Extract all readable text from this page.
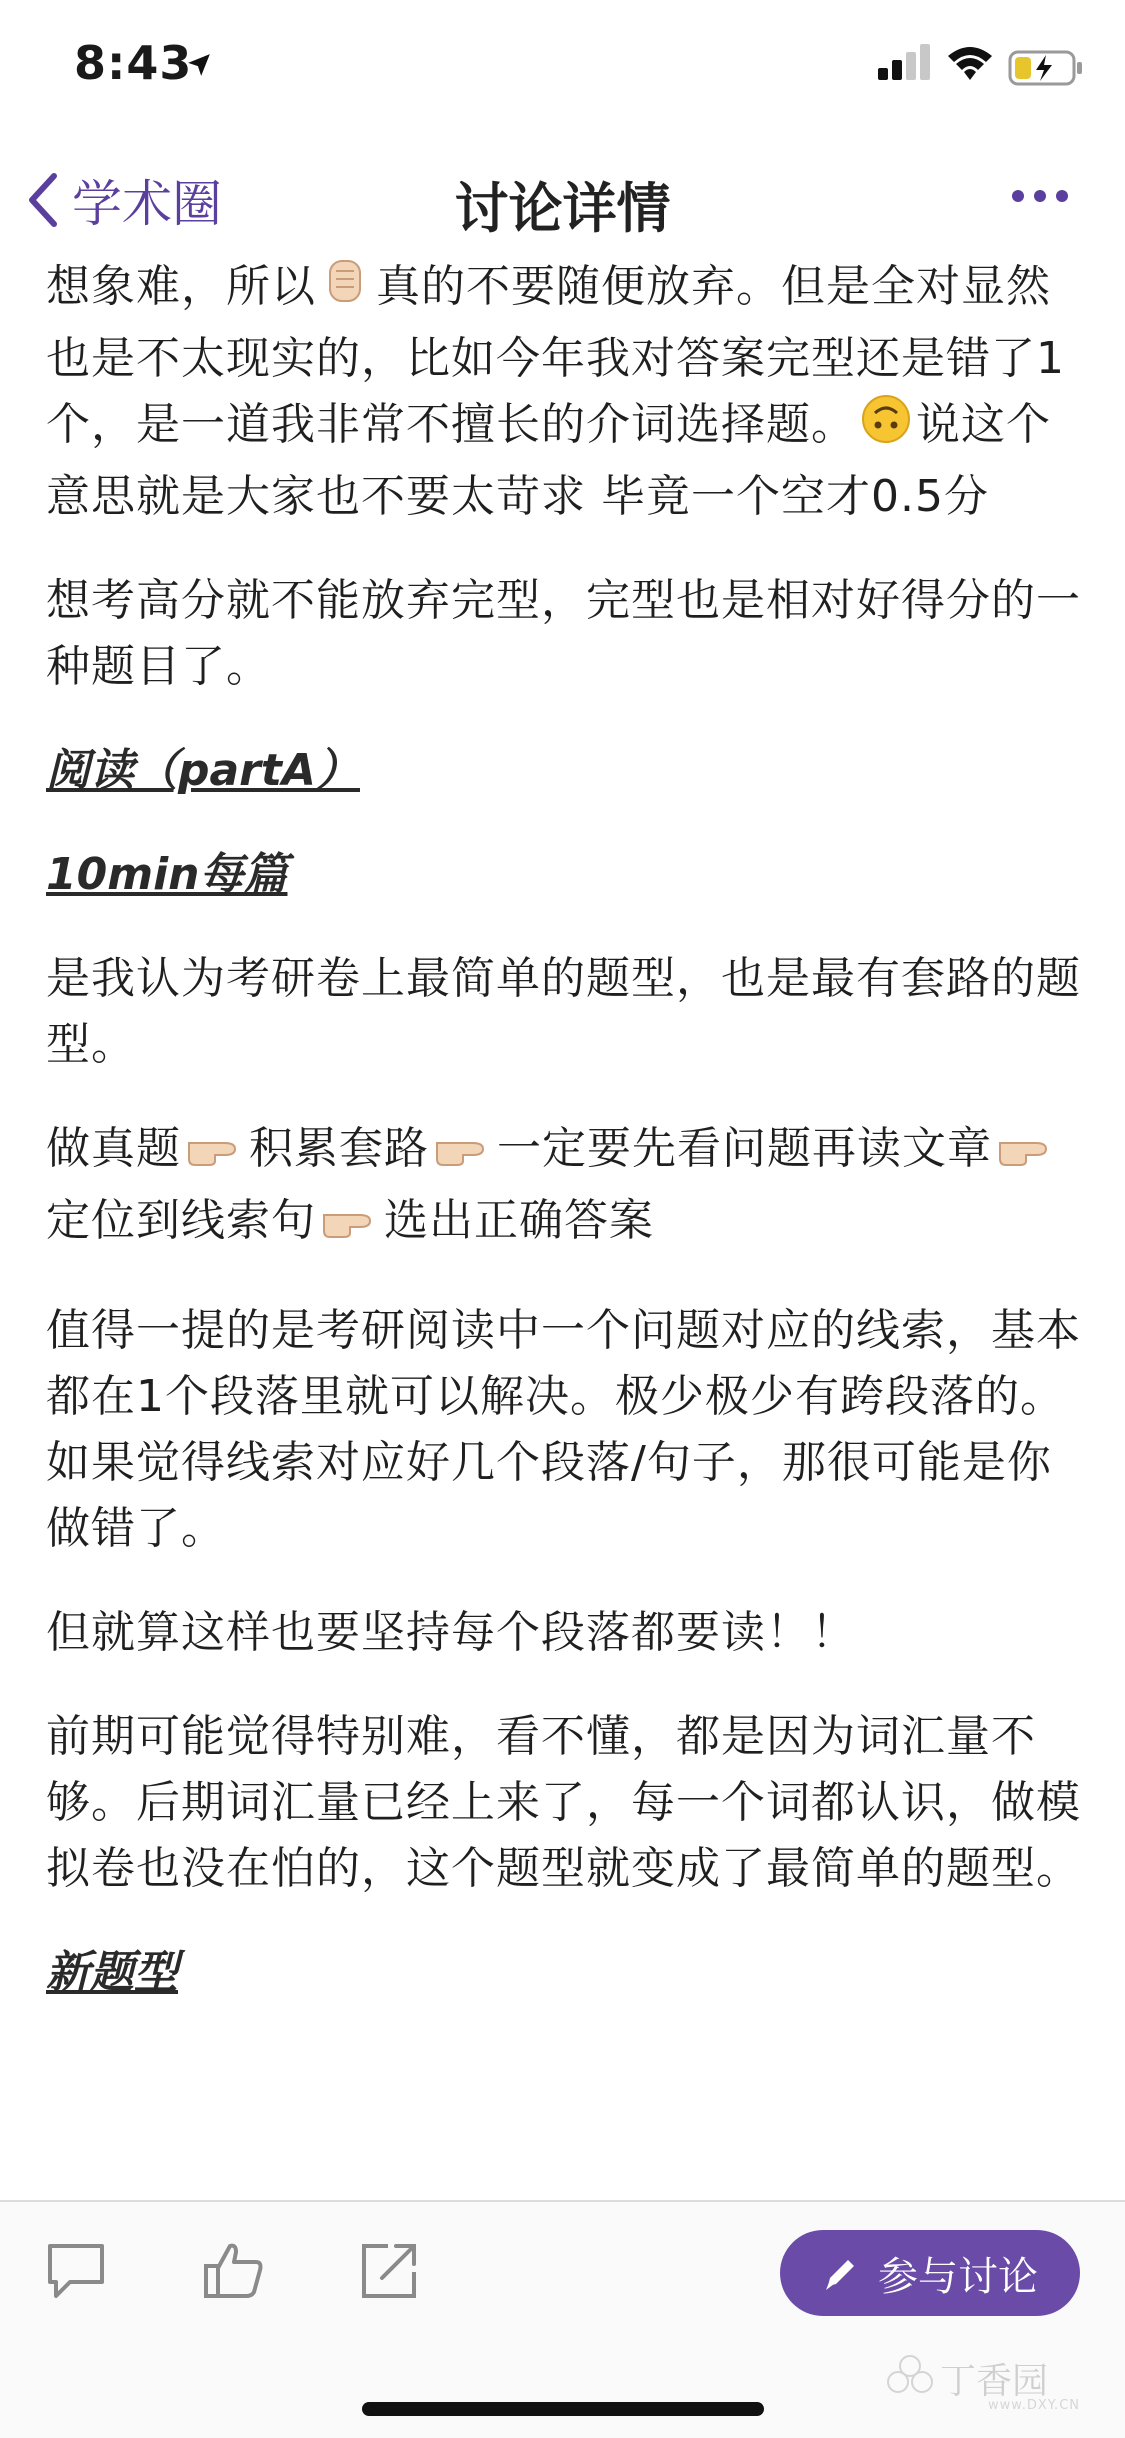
8:43
学术圈	讨论详情

想象难，所以 真的不要随便放弃。但是全对显然也是不太现实的，比如今年我对答案完型还是错了1个，是一道我非常不擅长的介词选择题。 说这个意思就是大家也不要太苛求 毕竟一个空才0.5分

想考高分就不能放弃完型，完型也是相对好得分的一种题目了。

阅读（partA）

10min每篇

是我认为考研卷上最简单的题型，也是最有套路的题型。

做真题 积累套路 一定要先看问题再读文章定位到线索句 选出正确答案

值得一提的是考研阅读中一个问题对应的线索，基本都在1个段落里就可以解决。极少极少有跨段落的。如果觉得线索对应好几个段落/句子，那很可能是你做错了。

但就算这样也要坚持每个段落都要读！！

前期可能觉得特别难，看不懂，都是因为词汇量不够。后期词汇量已经上来了，每一个词都认识，做模拟卷也没在怕的，这个题型就变成了最简单的题型。

新题型

参与讨论
丁香园
www.DXY.CN
